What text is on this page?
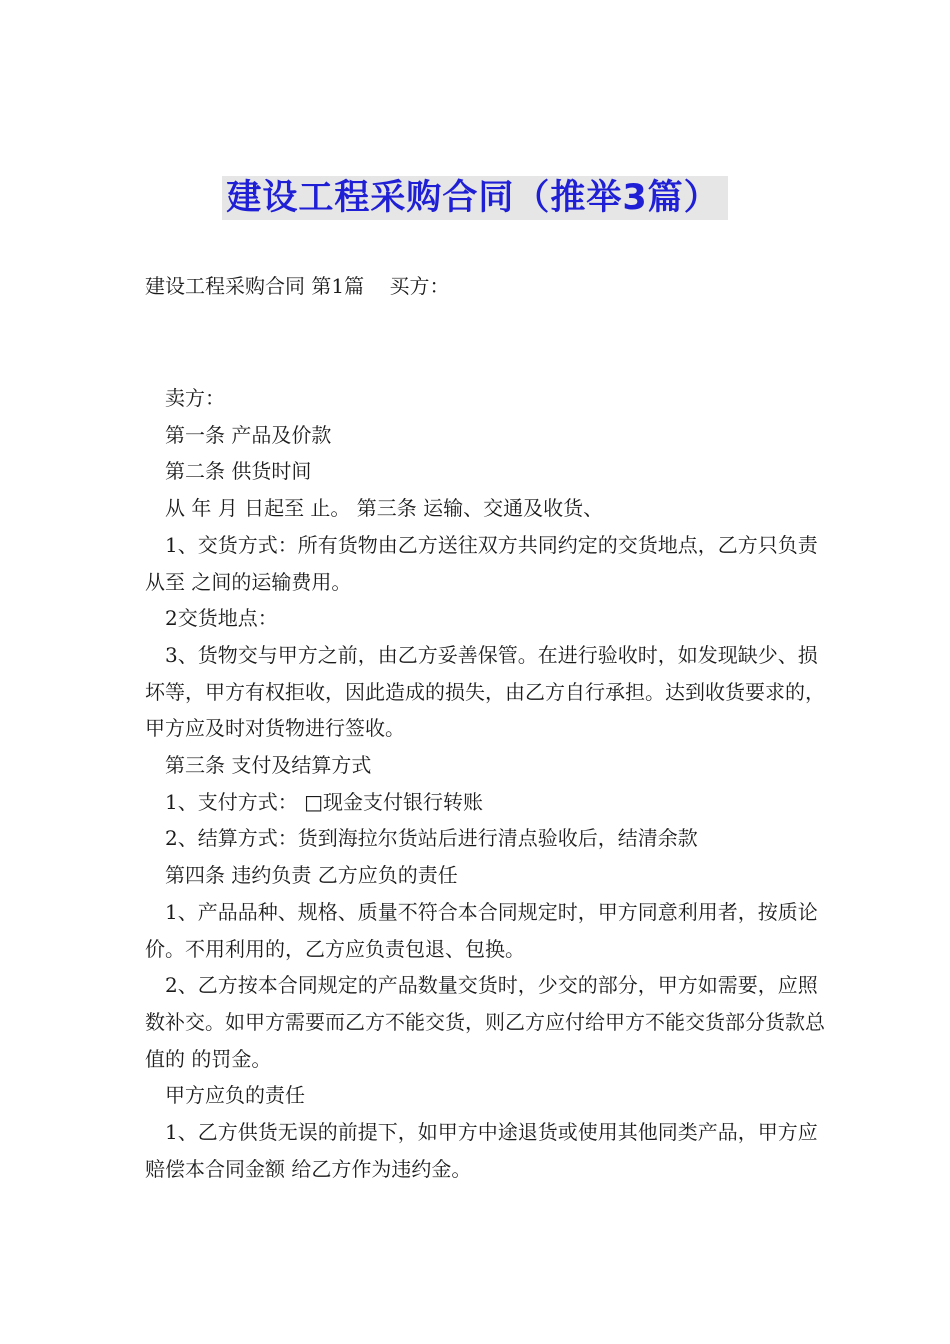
建设工程采购合同（推举3篇）
建设工程采购合同 第1篇    买方：

卖方：

第一条 产品及价款

第二条 供货时间

从 年 月 日起至 止。 第三条 运输、交通及收货、

1、交货方式：所有货物由乙方送往双方共同约定的交货地点，乙方只负责从至 之间的运输费用。

2交货地点：

3、货物交与甲方之前，由乙方妥善保管。在进行验收时，如发现缺少、损坏等，甲方有权拒收，因此造成的损失，由乙方自行承担。达到收货要求的，甲方应及时对货物进行签收。

第三条 支付及结算方式

1、支付方式： □现金支付银行转账

2、结算方式：货到海拉尔货站后进行清点验收后，结清余款

第四条 违约负责 乙方应负的责任

1、产品品种、规格、质量不符合本合同规定时，甲方同意利用者，按质论价。不用利用的，乙方应负责包退、包换。

2、乙方按本合同规定的产品数量交货时，少交的部分，甲方如需要，应照数补交。如甲方需要而乙方不能交货，则乙方应付给甲方不能交货部分货款总值的 的罚金。

甲方应负的责任

1、乙方供货无误的前提下，如甲方中途退货或使用其他同类产品，甲方应赔偿本合同金额 给乙方作为违约金。
